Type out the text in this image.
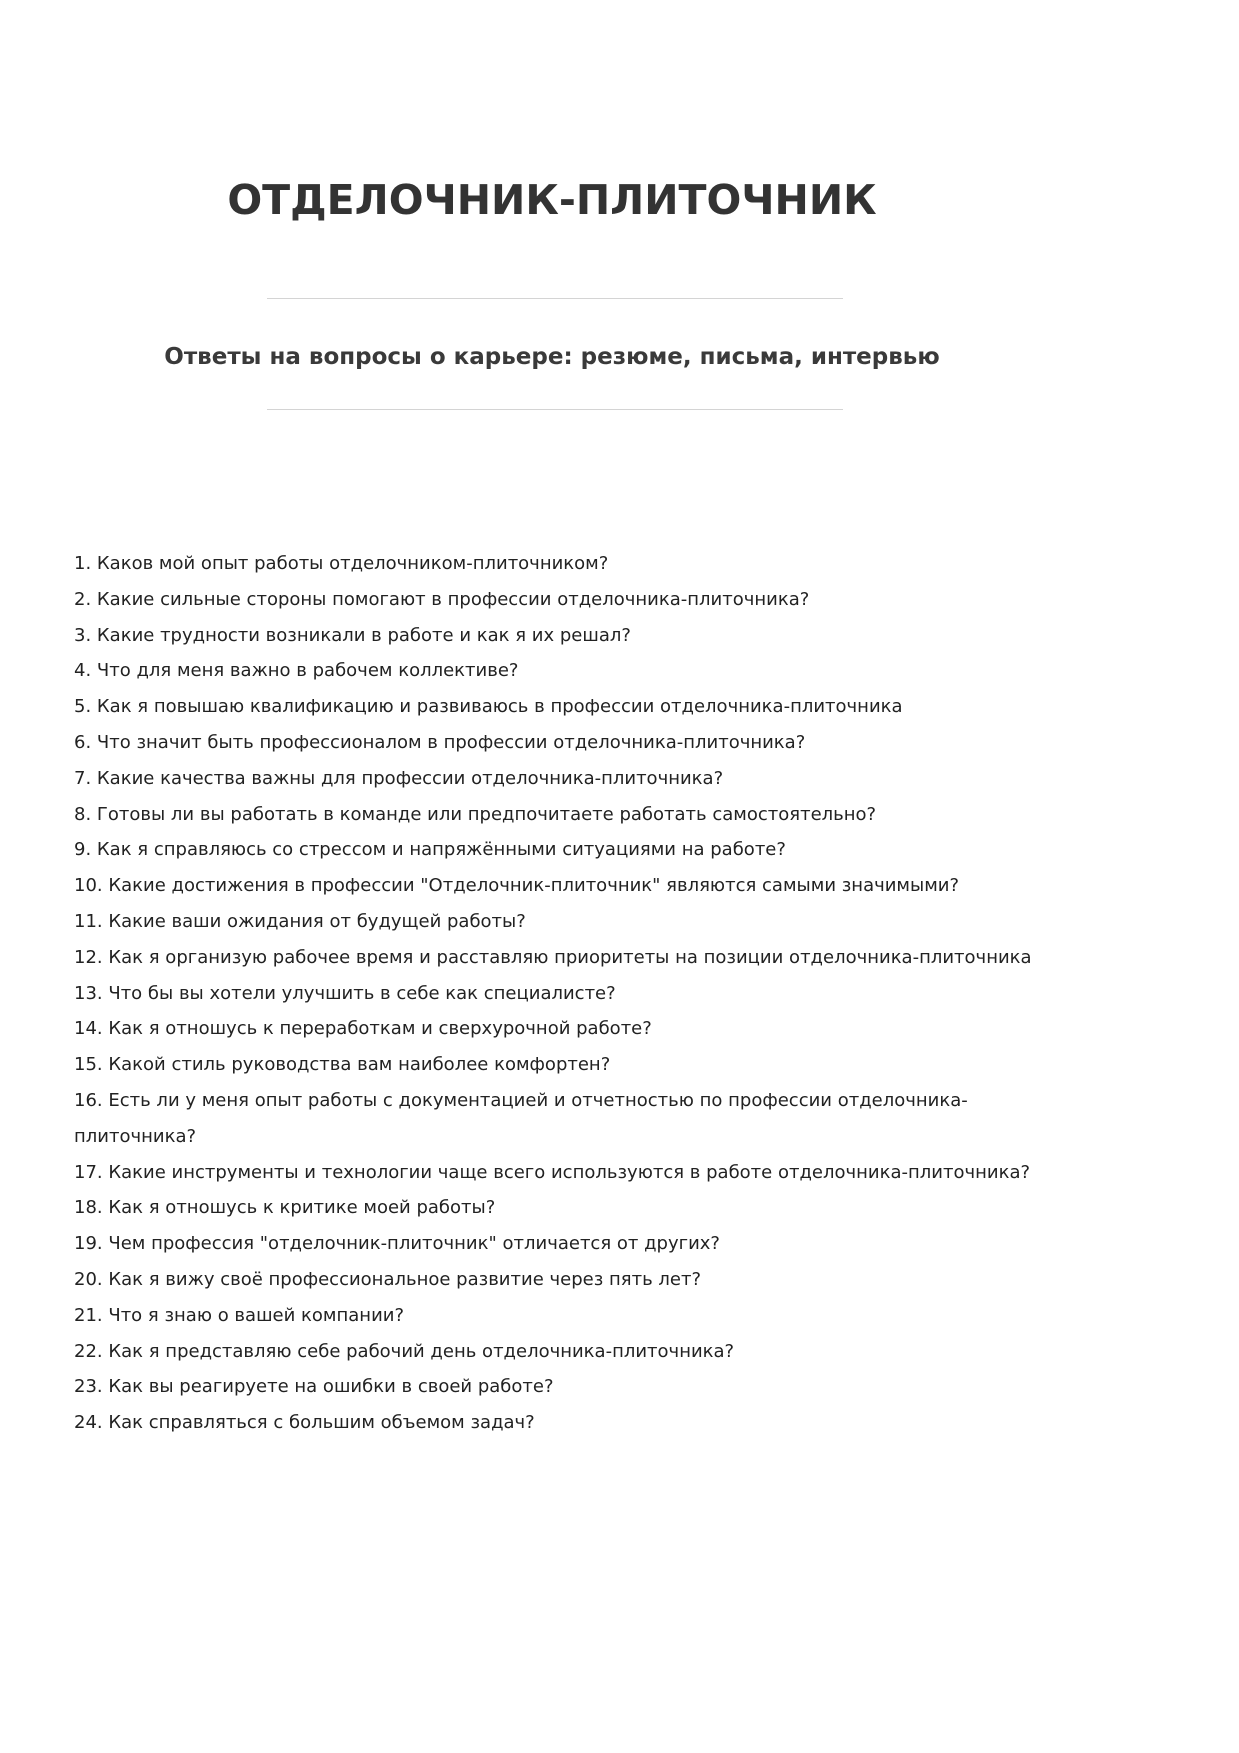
ОТДЕЛОЧНИК-ПЛИТОЧНИК
Ответы на вопросы о карьере: резюме, письма, интервью
1. Каков мой опыт работы отделочником-плиточником?
2. Какие сильные стороны помогают в профессии отделочника-плиточника?
3. Какие трудности возникали в работе и как я их решал?
4. Что для меня важно в рабочем коллективе?
5. Как я повышаю квалификацию и развиваюсь в профессии отделочника-плиточника
6. Что значит быть профессионалом в профессии отделочника-плиточника?
7. Какие качества важны для профессии отделочника-плиточника?
8. Готовы ли вы работать в команде или предпочитаете работать самостоятельно?
9. Как я справляюсь со стрессом и напряжёнными ситуациями на работе?
10. Какие достижения в профессии "Отделочник-плиточник" являются самыми значимыми?
11. Какие ваши ожидания от будущей работы?
12. Как я организую рабочее время и расставляю приоритеты на позиции отделочника-плиточника
13. Что бы вы хотели улучшить в себе как специалисте?
14. Как я отношусь к переработкам и сверхурочной работе?
15. Какой стиль руководства вам наиболее комфортен?
16. Есть ли у меня опыт работы с документацией и отчетностью по профессии отделочника-плиточника?
17. Какие инструменты и технологии чаще всего используются в работе отделочника-плиточника?
18. Как я отношусь к критике моей работы?
19. Чем профессия "отделочник-плиточник" отличается от других?
20. Как я вижу своё профессиональное развитие через пять лет?
21. Что я знаю о вашей компании?
22. Как я представляю себе рабочий день отделочника-плиточника?
23. Как вы реагируете на ошибки в своей работе?
24. Как справляться с большим объемом задач?
